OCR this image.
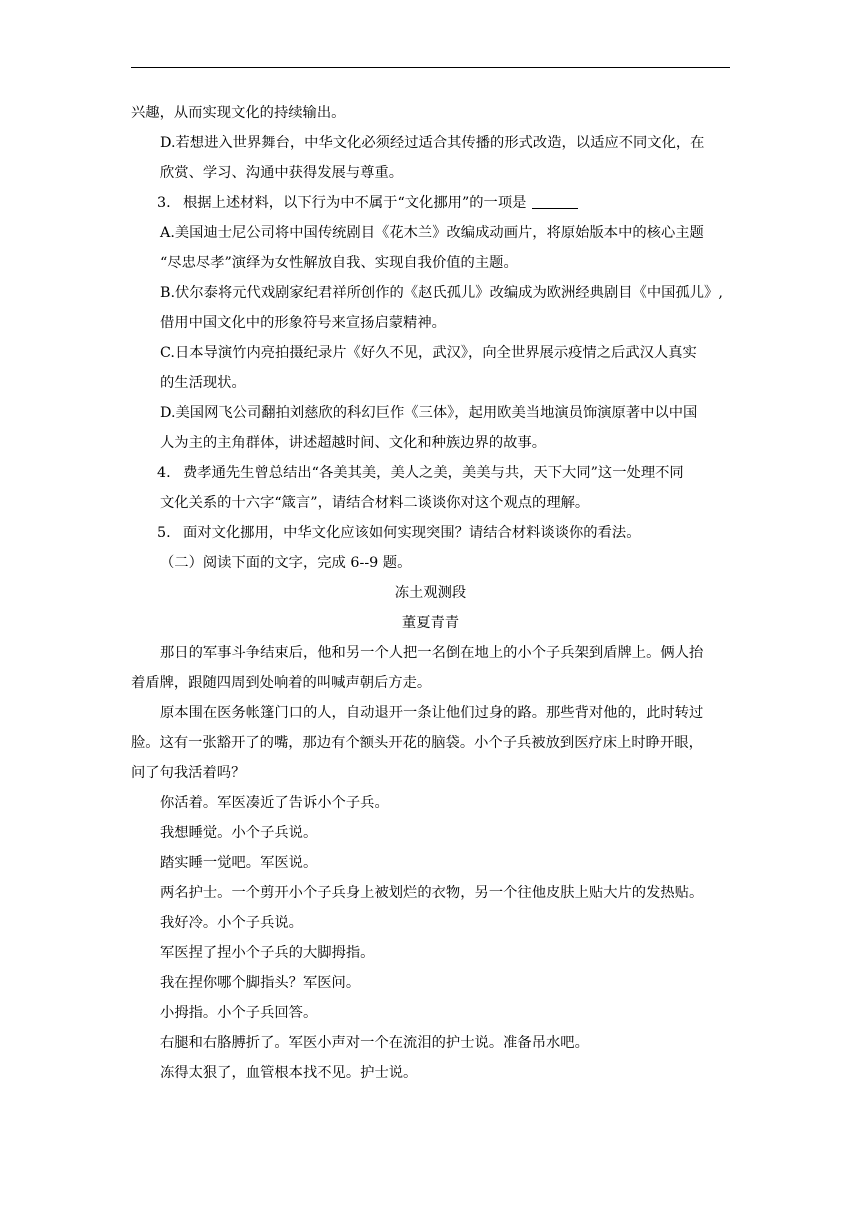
兴趣，从而实现文化的持续输出。
D.若想进入世界舞台，中华文化必须经过适合其传播的形式改造，以适应不同文化，在
欣赏、学习、沟通中获得发展与尊重。
3. 根据上述材料，以下行为中不属于“文化挪用”的一项是
A.美国迪士尼公司将中国传统剧目《花木兰》改编成动画片，将原始版本中的核心主题
“尽忠尽孝”演绎为女性解放自我、实现自我价值的主题。
B.伏尔泰将元代戏剧家纪君祥所创作的《赵氏孤儿》改编成为欧洲经典剧目《中国孤儿》,
借用中国文化中的形象符号来宣扬启蒙精神。
C.日本导演竹内亮拍摄纪录片《好久不见，武汉》，向全世界展示疫情之后武汉人真实
的生活现状。
D.美国网飞公司翻拍刘慈欣的科幻巨作《三体》，起用欧美当地演员饰演原著中以中国
人为主的主角群体，讲述超越时间、文化和种族边界的故事。
4. 费孝通先生曾总结出“各美其美，美人之美，美美与共，天下大同”这一处理不同
文化关系的十六字“箴言”，请结合材料二谈谈你对这个观点的理解。
5. 面对文化挪用，中华文化应该如何实现突围？请结合材料谈谈你的看法。
（二）阅读下面的文字，完成 6--9 题。
冻土观测段
董夏青青
那日的军事斗争结束后，他和另一个人把一名倒在地上的小个子兵架到盾牌上。俩人抬
着盾牌，跟随四周到处响着的叫喊声朝后方走。
原本围在医务帐篷门口的人，自动退开一条让他们过身的路。那些背对他的，此时转过
脸。这有一张豁开了的嘴，那边有个额头开花的脑袋。小个子兵被放到医疗床上时睁开眼，
问了句我活着吗？
你活着。军医凑近了告诉小个子兵。
我想睡觉。小个子兵说。
踏实睡一觉吧。军医说。
两名护士。一个剪开小个子兵身上被划烂的衣物，另一个往他皮肤上贴大片的发热贴。
我好冷。小个子兵说。
军医捏了捏小个子兵的大脚拇指。
我在捏你哪个脚指头？军医问。
小拇指。小个子兵回答。
右腿和右胳膊折了。军医小声对一个在流泪的护士说。准备吊水吧。
冻得太狠了，血管根本找不见。护士说。
